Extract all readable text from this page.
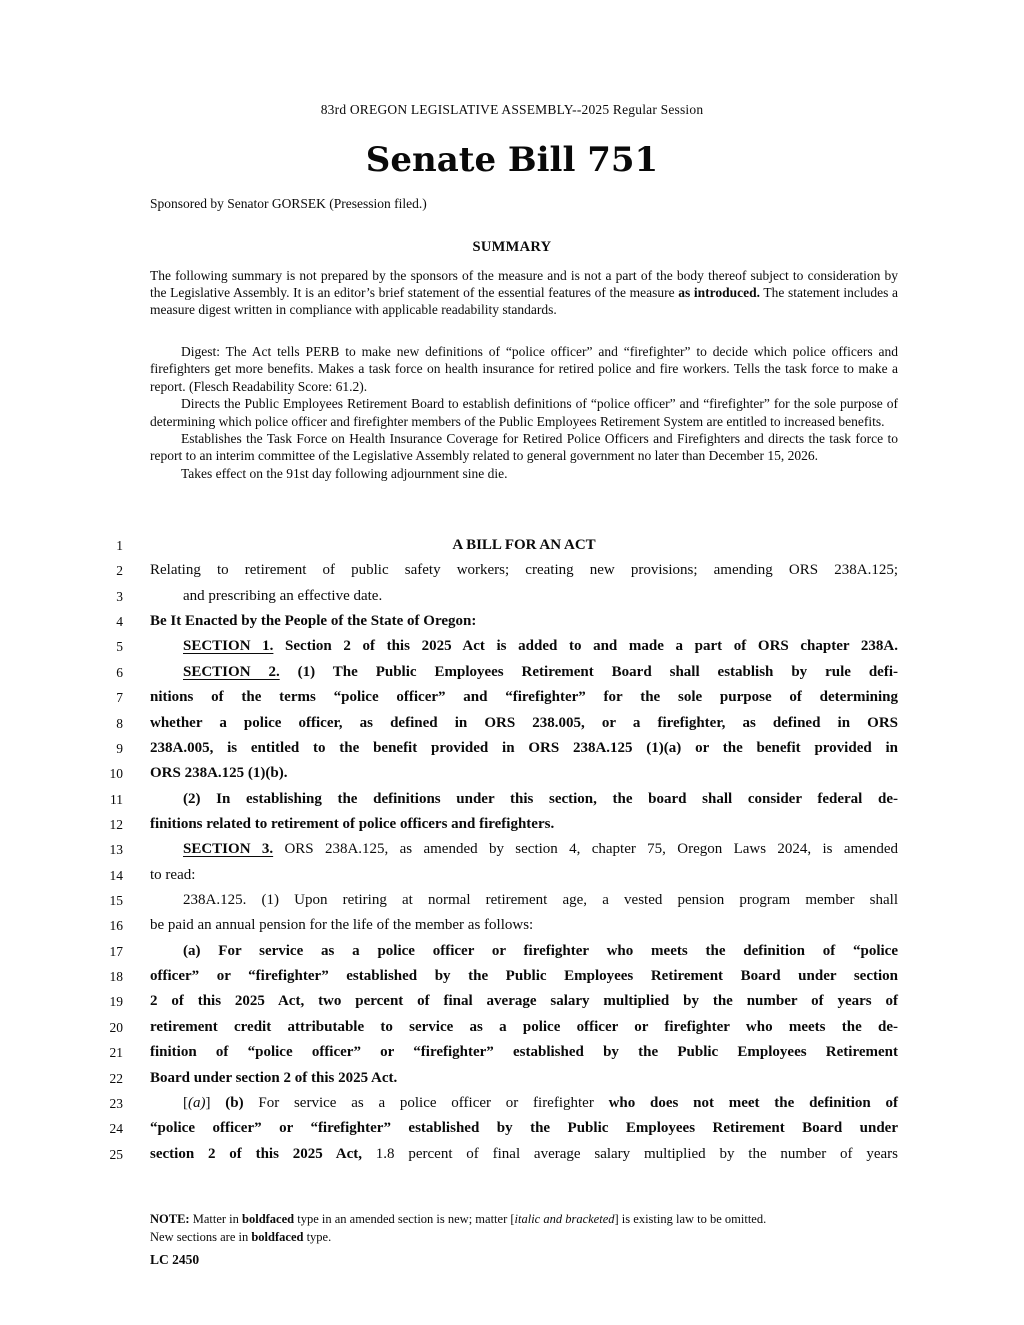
83rd OREGON LEGISLATIVE ASSEMBLY--2025 Regular Session
Senate Bill 751
Sponsored by Senator GORSEK (Presession filed.)
SUMMARY

The following summary is not prepared by the sponsors of the measure and is not a part of the body thereof subject to consideration by the Legislative Assembly. It is an editor’s brief statement of the essential features of the measure as introduced. The statement includes a measure digest written in compliance with applicable readability standards.

Digest: The Act tells PERB to make new definitions of “police officer” and “firefighter” to decide which police officers and firefighters get more benefits. Makes a task force on health insurance for retired police and fire workers. Tells the task force to make a report. (Flesch Readability Score: 61.2).

Directs the Public Employees Retirement Board to establish definitions of “police officer” and “firefighter” for the sole purpose of determining which police officer and firefighter members of the Public Employees Retirement System are entitled to increased benefits.

Establishes the Task Force on Health Insurance Coverage for Retired Police Officers and Firefighters and directs the task force to report to an interim committee of the Legislative Assembly related to general government no later than December 15, 2026.

Takes effect on the 91st day following adjournment sine die.

1	A BILL FOR AN ACT
2 Relating to retirement of public safety workers; creating new provisions; amending ORS 238A.125;
3	and prescribing an effective date.
4 Be It Enacted by the People of the State of Oregon:
5	SECTION 1. Section 2 of this 2025 Act is added to and made a part of ORS chapter 238A.
6	SECTION 2. (1) The Public Employees Retirement Board shall establish by rule defi-
7 nitions of the terms “police officer” and “firefighter” for the sole purpose of determining
8 whether a police officer, as defined in ORS 238.005, or a firefighter, as defined in ORS
9 238A.005, is entitled to the benefit provided in ORS 238A.125 (1)(a) or the benefit provided in
10 ORS 238A.125 (1)(b).
11	(2) In establishing the definitions under this section, the board shall consider federal de-
12 finitions related to retirement of police officers and firefighters.
13	SECTION 3. ORS 238A.125, as amended by section 4, chapter 75, Oregon Laws 2024, is amended
14 to read:
15	238A.125. (1) Upon retiring at normal retirement age, a vested pension program member shall
16 be paid an annual pension for the life of the member as follows:
17	(a) For service as a police officer or firefighter who meets the definition of “police
18 officer” or “firefighter” established by the Public Employees Retirement Board under section
19 2 of this 2025 Act, two percent of final average salary multiplied by the number of years of
20 retirement credit attributable to service as a police officer or firefighter who meets the de-
21 finition of “police officer” or “firefighter” established by the Public Employees Retirement
22 Board under section 2 of this 2025 Act.
23	[(a)] (b) For service as a police officer or firefighter who does not meet the definition of
24 “police officer” or “firefighter” established by the Public Employees Retirement Board under
25 section 2 of this 2025 Act, 1.8 percent of final average salary multiplied by the number of years

NOTE: Matter in boldfaced type in an amended section is new; matter [italic and bracketed] is existing law to be omitted.

New sections are in boldfaced type.

LC 2450
